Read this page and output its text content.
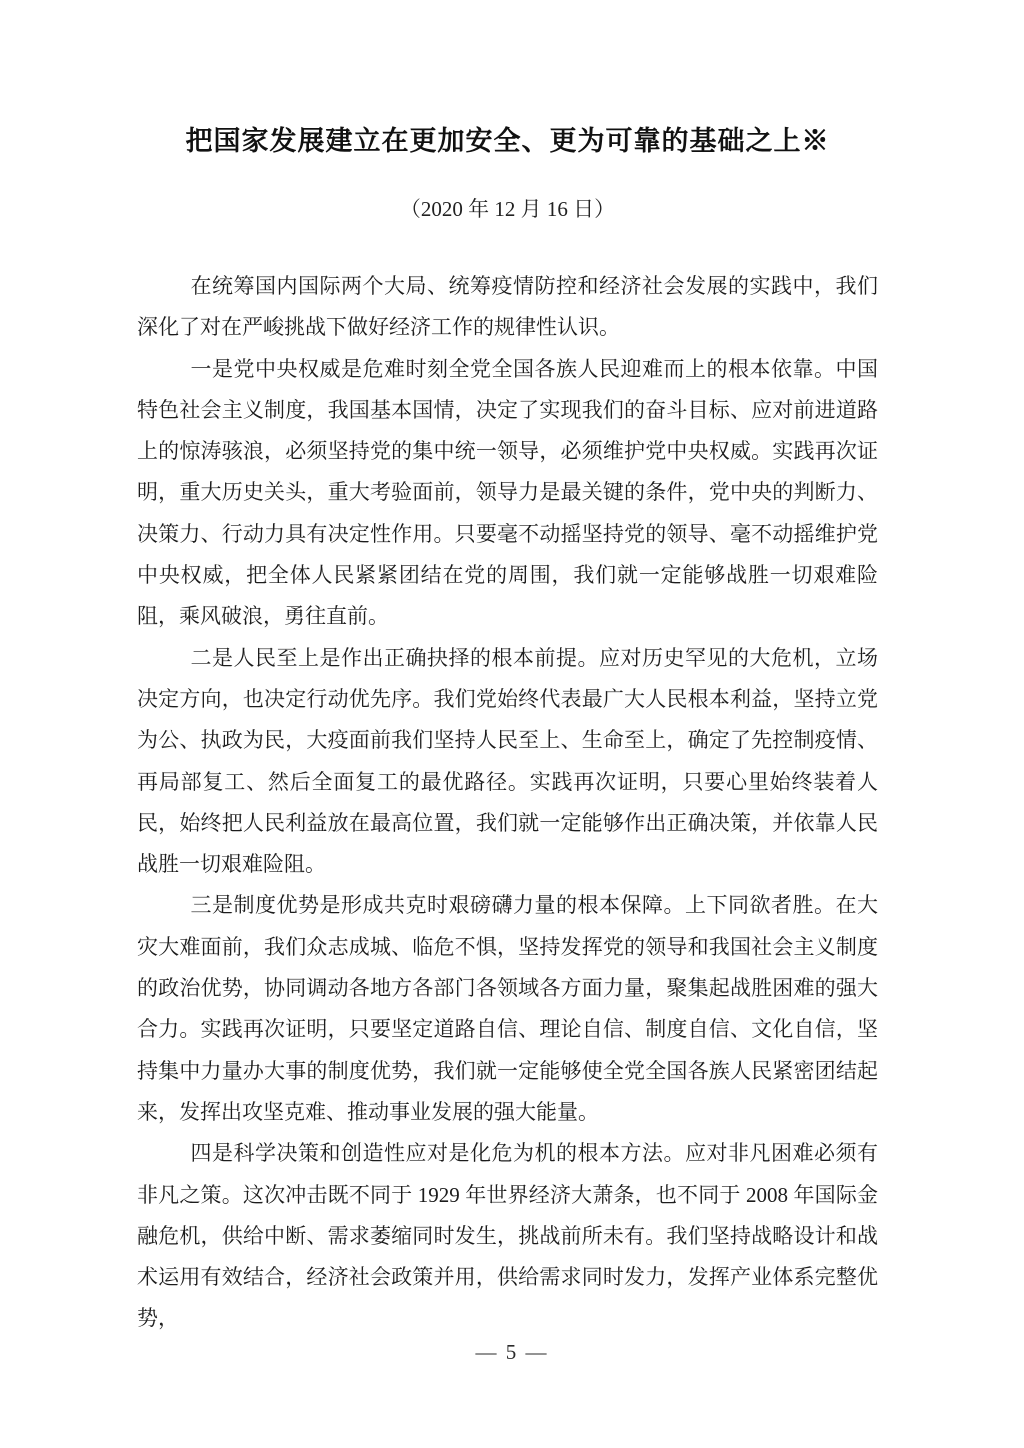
把国家发展建立在更加安全、更为可靠的基础之上※
（2020 年 12 月 16 日）

在统筹国内国际两个大局、统筹疫情防控和经济社会发展的实践中，我们深化了对在严峻挑战下做好经济工作的规律性认识。

一是党中央权威是危难时刻全党全国各族人民迎难而上的根本依靠。中国特色社会主义制度，我国基本国情，决定了实现我们的奋斗目标、应对前进道路上的惊涛骇浪，必须坚持党的集中统一领导，必须维护党中央权威。实践再次证明，重大历史关头，重大考验面前，领导力是最关键的条件，党中央的判断力、决策力、行动力具有决定性作用。只要毫不动摇坚持党的领导、毫不动摇维护党中央权威，把全体人民紧紧团结在党的周围，我们就一定能够战胜一切艰难险阻，乘风破浪，勇往直前。

二是人民至上是作出正确抉择的根本前提。应对历史罕见的大危机，立场决定方向，也决定行动优先序。我们党始终代表最广大人民根本利益，坚持立党为公、执政为民，大疫面前我们坚持人民至上、生命至上，确定了先控制疫情、再局部复工、然后全面复工的最优路径。实践再次证明，只要心里始终装着人民，始终把人民利益放在最高位置，我们就一定能够作出正确决策，并依靠人民战胜一切艰难险阻。

三是制度优势是形成共克时艰磅礴力量的根本保障。上下同欲者胜。在大灾大难面前，我们众志成城、临危不惧，坚持发挥党的领导和我国社会主义制度的政治优势，协同调动各地方各部门各领域各方面力量，聚集起战胜困难的强大合力。实践再次证明，只要坚定道路自信、理论自信、制度自信、文化自信，坚持集中力量办大事的制度优势，我们就一定能够使全党全国各族人民紧密团结起来，发挥出攻坚克难、推动事业发展的强大能量。

四是科学决策和创造性应对是化危为机的根本方法。应对非凡困难必须有非凡之策。这次冲击既不同于 1929 年世界经济大萧条，也不同于 2008 年国际金融危机，供给中断、需求萎缩同时发生，挑战前所未有。我们坚持战略设计和战术运用有效结合，经济社会政策并用，供给需求同时发力，发挥产业体系完整优势，

— 5 —
